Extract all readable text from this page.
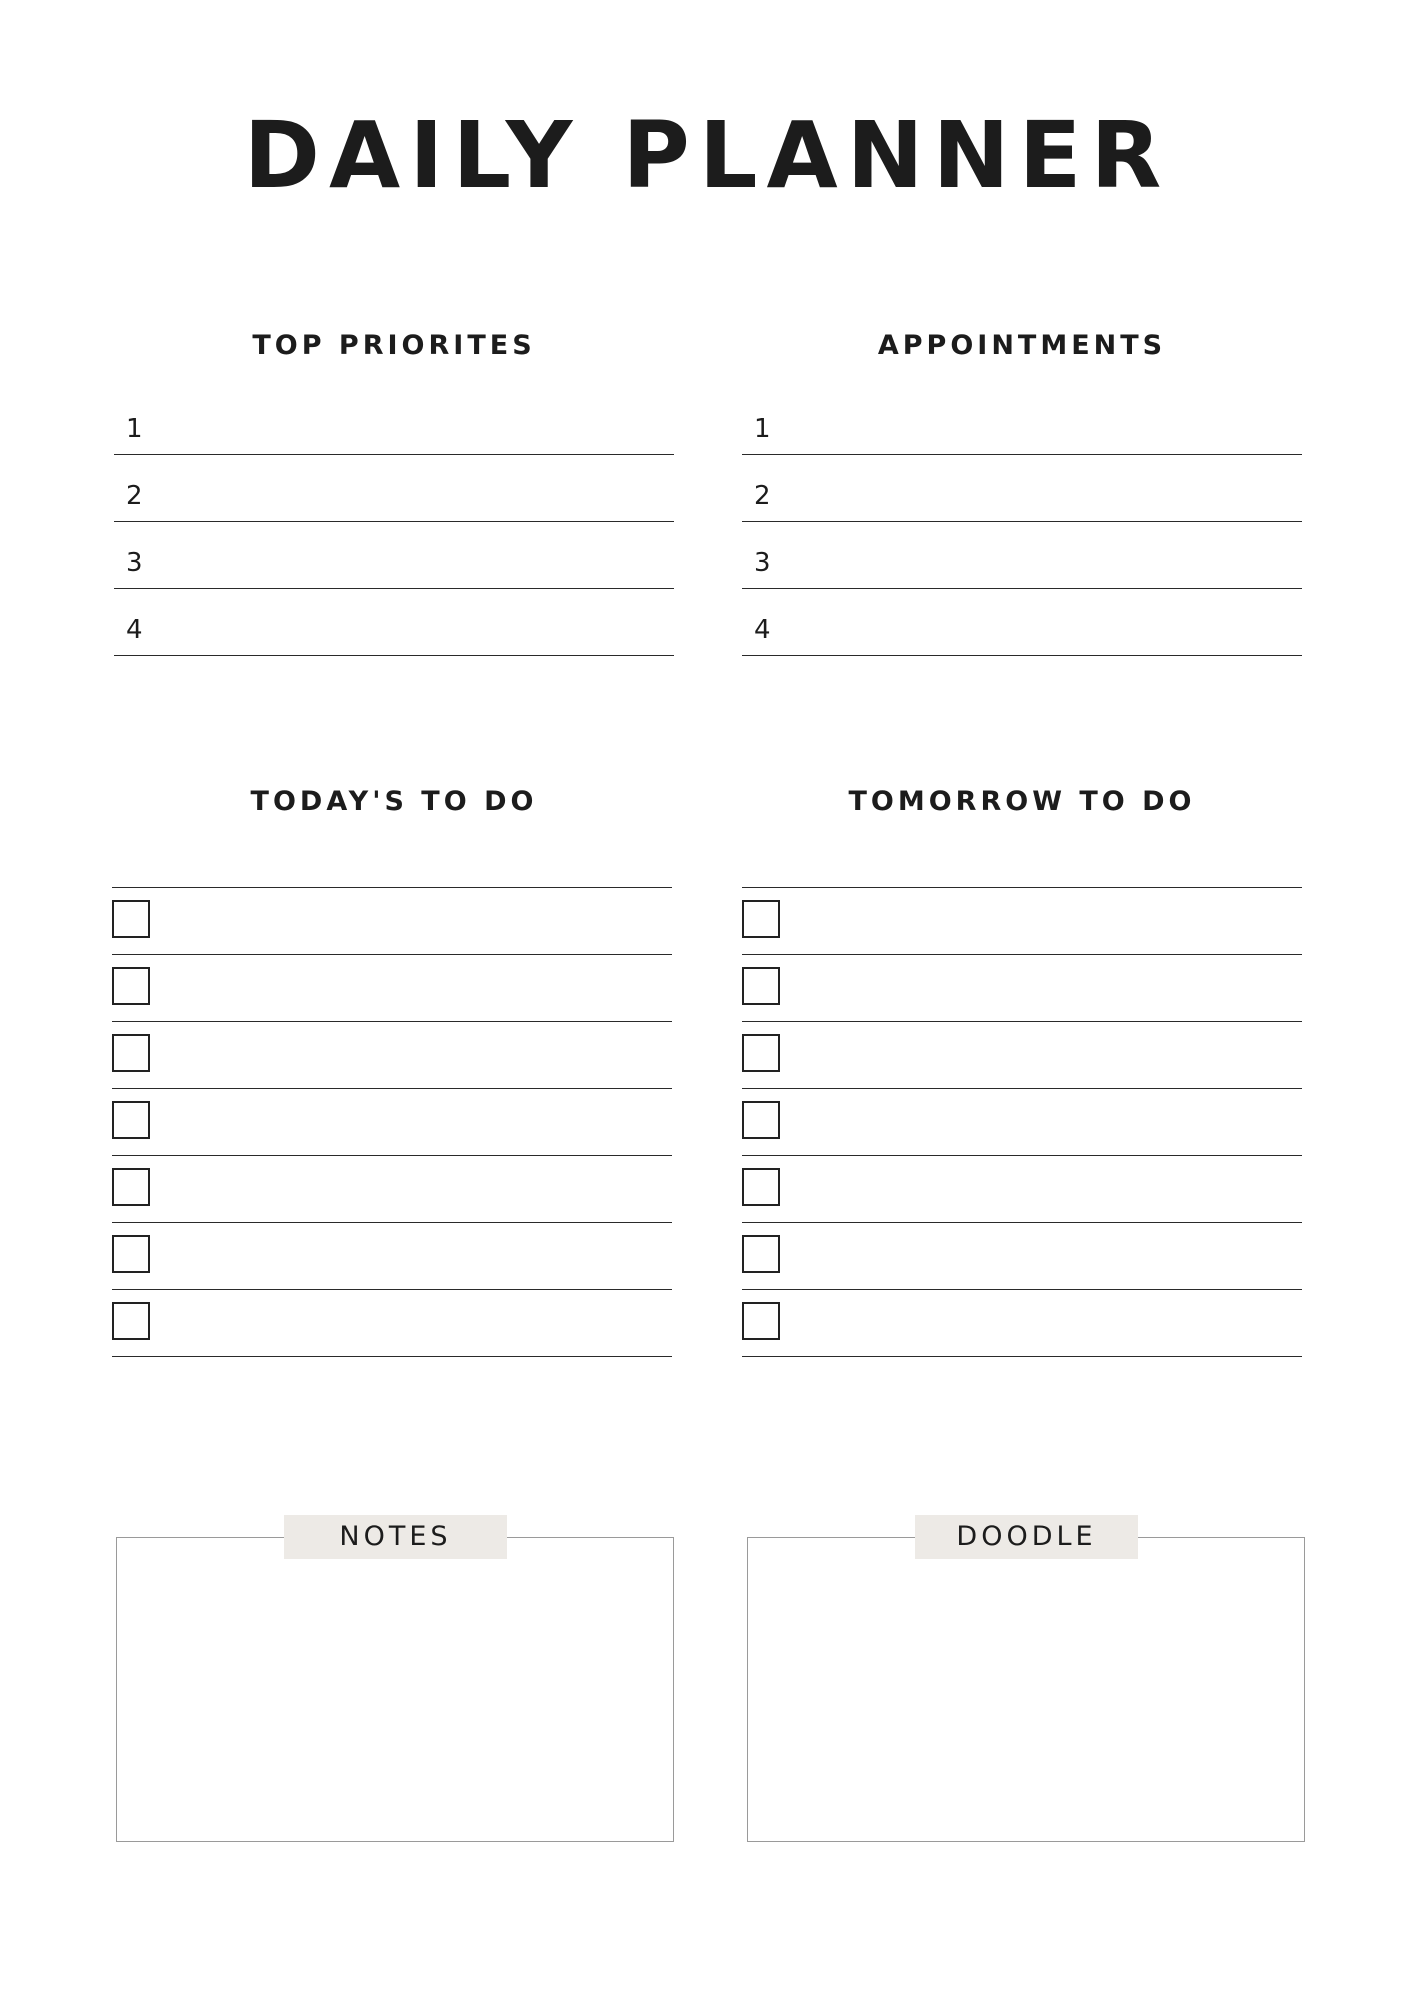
DAILY PLANNER
TOP PRIORITES
1
2
3
4
APPOINTMENTS
1
2
3
4
TODAY'S TO DO	TOMORROW TO DO
NOTES	DOODLE
